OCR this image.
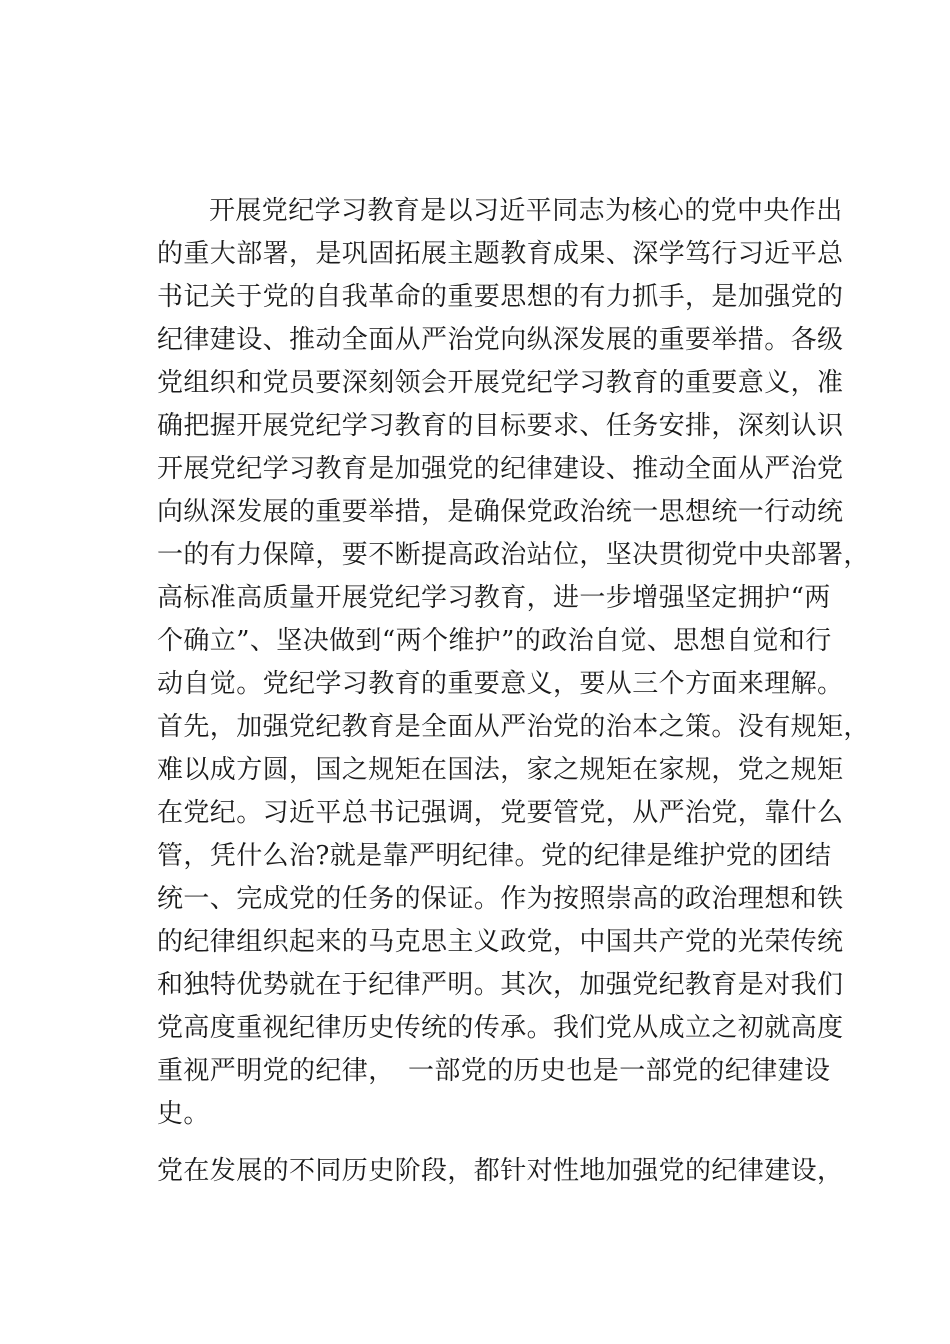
开展党纪学习教育是以习近平同志为核心的党中央作出
的重大部署，是巩固拓展主题教育成果、深学笃行习近平总
书记关于党的自我革命的重要思想的有力抓手，是加强党的
纪律建设、推动全面从严治党向纵深发展的重要举措。各级
党组织和党员要深刻领会开展党纪学习教育的重要意义，准
确把握开展党纪学习教育的目标要求、任务安排，深刻认识
开展党纪学习教育是加强党的纪律建设、推动全面从严治党
向纵深发展的重要举措，是确保党政治统一思想统一行动统
一的有力保障，要不断提高政治站位，坚决贯彻党中央部署，
高标准高质量开展党纪学习教育，进一步增强坚定拥护“两
个确立”、坚决做到“两个维护”的政治自觉、思想自觉和行
动自觉。党纪学习教育的重要意义，要从三个方面来理解。
首先，加强党纪教育是全面从严治党的治本之策。没有规矩，
难以成方圆，国之规矩在国法，家之规矩在家规，党之规矩
在党纪。习近平总书记强调，党要管党，从严治党，靠什么
管，凭什么治?就是靠严明纪律。党的纪律是维护党的团结
统一、完成党的任务的保证。作为按照崇高的政治理想和铁
的纪律组织起来的马克思主义政党，中国共产党的光荣传统
和独特优势就在于纪律严明。其次，加强党纪教育是对我们
党高度重视纪律历史传统的传承。我们党从成立之初就高度
重视严明党的纪律，　一部党的历史也是一部党的纪律建设
史。
党在发展的不同历史阶段，都针对性地加强党的纪律建设，
